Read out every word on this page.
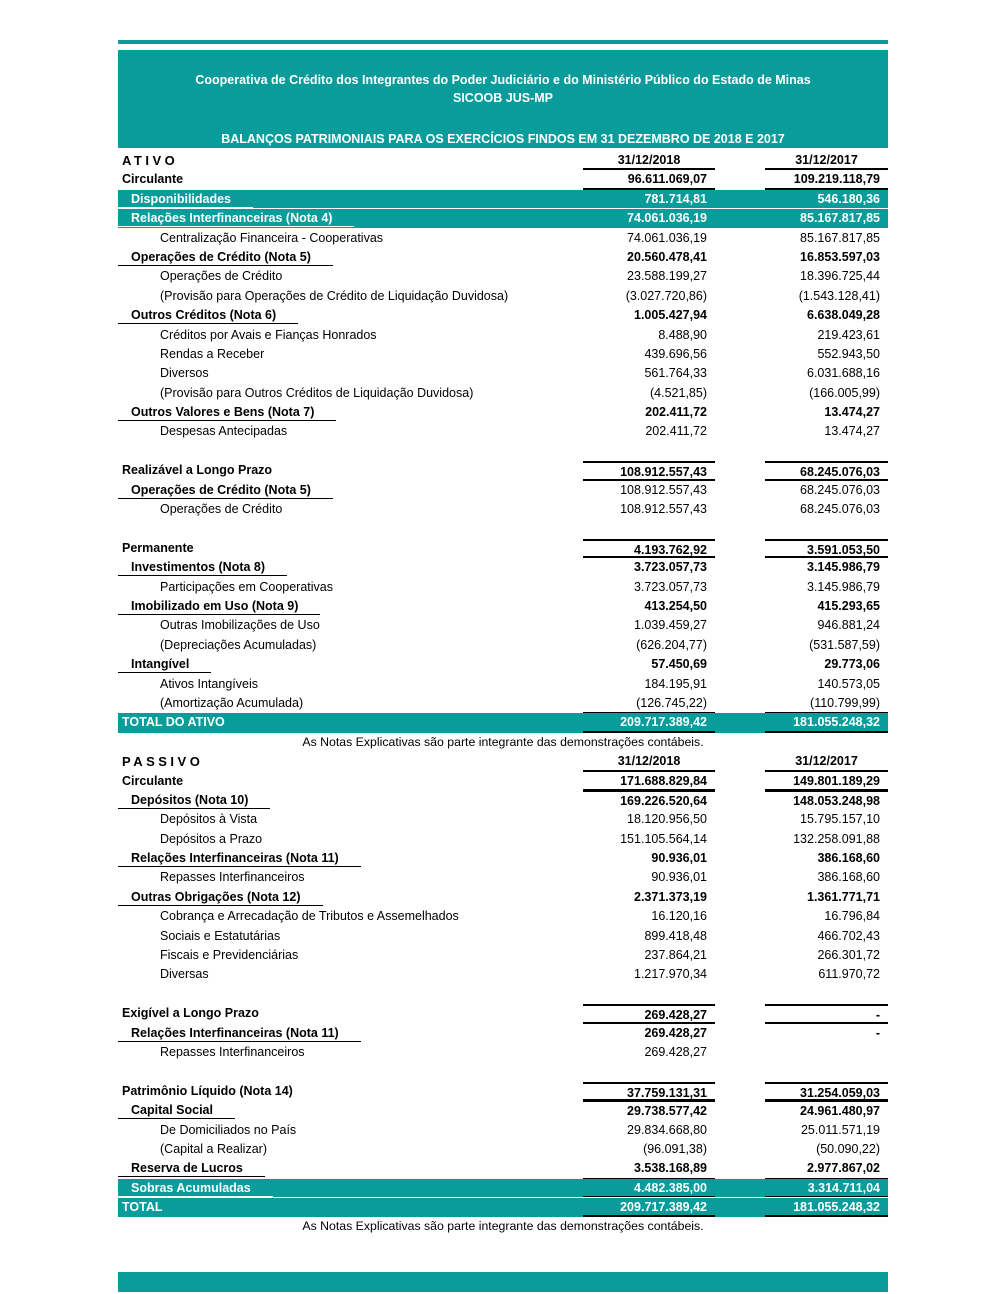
Cooperativa de Crédito dos Integrantes do Poder Judiciário e do Ministério Público do Estado de Minas
SICOOB JUS-MP
BALANÇOS PATRIMONIAIS PARA OS EXERCÍCIOS FINDOS EM 31 DEZEMBRO DE 2018 E 2017
ATIVO	31/12/2018	31/12/2017
Circulante	96.611.069,07	109.219.118,79
Disponibilidades	781.714,81	546.180,36
Relações Interfinanceiras (Nota 4)	74.061.036,19	85.167.817,85
Centralização Financeira - Cooperativas	74.061.036,19	85.167.817,85
Operações de Crédito (Nota 5)	20.560.478,41	16.853.597,03
Operações de Crédito	23.588.199,27	18.396.725,44
(Provisão para Operações de Crédito de Liquidação Duvidosa)	(3.027.720,86)	(1.543.128,41)
Outros Créditos (Nota 6)	1.005.427,94	6.638.049,28
Créditos por Avais e Fianças Honrados	8.488,90	219.423,61
Rendas a Receber	439.696,56	552.943,50
Diversos	561.764,33	6.031.688,16
(Provisão para Outros Créditos de Liquidação Duvidosa)	(4.521,85)	(166.005,99)
Outros Valores e Bens (Nota 7)	202.411,72	13.474,27
Despesas Antecipadas	202.411,72	13.474,27
Realizável a Longo Prazo	108.912.557,43	68.245.076,03
Operações de Crédito (Nota 5)	108.912.557,43	68.245.076,03
Operações de Crédito	108.912.557,43	68.245.076,03
Permanente	4.193.762,92	3.591.053,50
Investimentos (Nota 8)	3.723.057,73	3.145.986,79
Participações em Cooperativas	3.723.057,73	3.145.986,79
Imobilizado em Uso (Nota 9)	413.254,50	415.293,65
Outras Imobilizações de Uso	1.039.459,27	946.881,24
(Depreciações Acumuladas)	(626.204,77)	(531.587,59)
Intangível	57.450,69	29.773,06
Ativos Intangíveis	184.195,91	140.573,05
(Amortização Acumulada)	(126.745,22)	(110.799,99)
TOTAL DO ATIVO	209.717.389,42	181.055.248,32
As Notas Explicativas são parte integrante das demonstrações contábeis.
PASSIVO	31/12/2018	31/12/2017
Circulante	171.688.829,84	149.801.189,29
Depósitos (Nota 10)	169.226.520,64	148.053.248,98
Depósitos à Vista	18.120.956,50	15.795.157,10
Depósitos a Prazo	151.105.564,14	132.258.091,88
Relações Interfinanceiras (Nota 11)	90.936,01	386.168,60
Repasses Interfinanceiros	90.936,01	386.168,60
Outras Obrigações (Nota 12)	2.371.373,19	1.361.771,71
Cobrança e Arrecadação de Tributos e Assemelhados	16.120,16	16.796,84
Sociais e Estatutárias	899.418,48	466.702,43
Fiscais e Previdenciárias	237.864,21	266.301,72
Diversas	1.217.970,34	611.970,72
Exigível a Longo Prazo	269.428,27	-
Relações Interfinanceiras (Nota 11)	269.428,27	-
Repasses Interfinanceiros	269.428,27
Patrimônio Líquido (Nota 14)	37.759.131,31	31.254.059,03
Capital Social	29.738.577,42	24.961.480,97
De Domiciliados no País	29.834.668,80	25.011.571,19
(Capital a Realizar)	(96.091,38)	(50.090,22)
Reserva de Lucros	3.538.168,89	2.977.867,02
Sobras Acumuladas	4.482.385,00	3.314.711,04
TOTAL	209.717.389,42	181.055.248,32
As Notas Explicativas são parte integrante das demonstrações contábeis.
